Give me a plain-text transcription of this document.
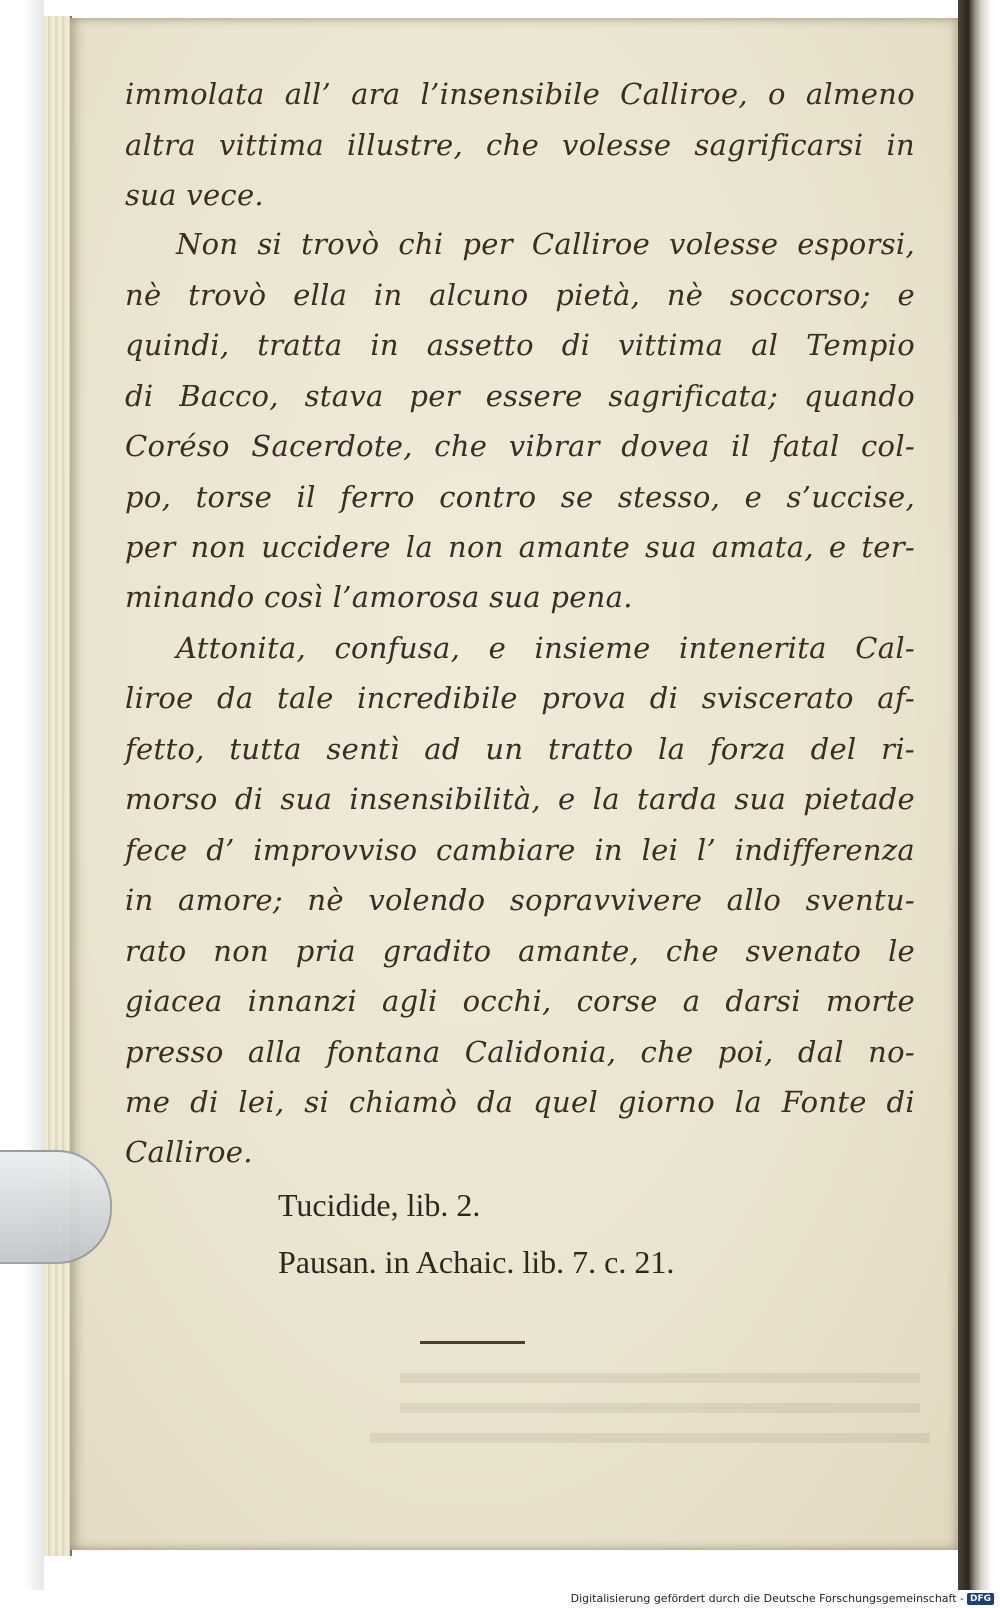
immolata all’ ara l’insensibile Calliroe, o almeno
altra vittima illustre, che volesse sagrificarsi in
sua vece.
Non si trovò chi per Calliroe volesse esporsi,
nè trovò ella in alcuno pietà, nè soccorso; e
quindi, tratta in assetto di vittima al Tempio
di Bacco, stava per essere sagrificata; quando
Coréso Sacerdote, che vibrar dovea il fatal col-
po, torse il ferro contro se stesso, e s’uccise,
per non uccidere la non amante sua amata, e ter-
minando così l’amorosa sua pena.
Attonita, confusa, e insieme intenerita Cal-
liroe da tale incredibile prova di sviscerato af-
fetto, tutta sentì ad un tratto la forza del ri-
morso di sua insensibilità, e la tarda sua pietade
fece d’ improvviso cambiare in lei l’ indifferenza
in amore; nè volendo sopravvivere allo sventu-
rato non pria gradito amante, che svenato le
giacea innanzi agli occhi, corse a darsi morte
presso alla fontana Calidonia, che poi, dal no-
me di lei, si chiamò da quel giorno la Fonte di
Calliroe.
Tucidide, lib. 2.
Pausan. in Achaic. lib. 7. c. 21.
Digitalisierung gefördert durch die Deutsche Forschungsgemeinschaft - DFG
